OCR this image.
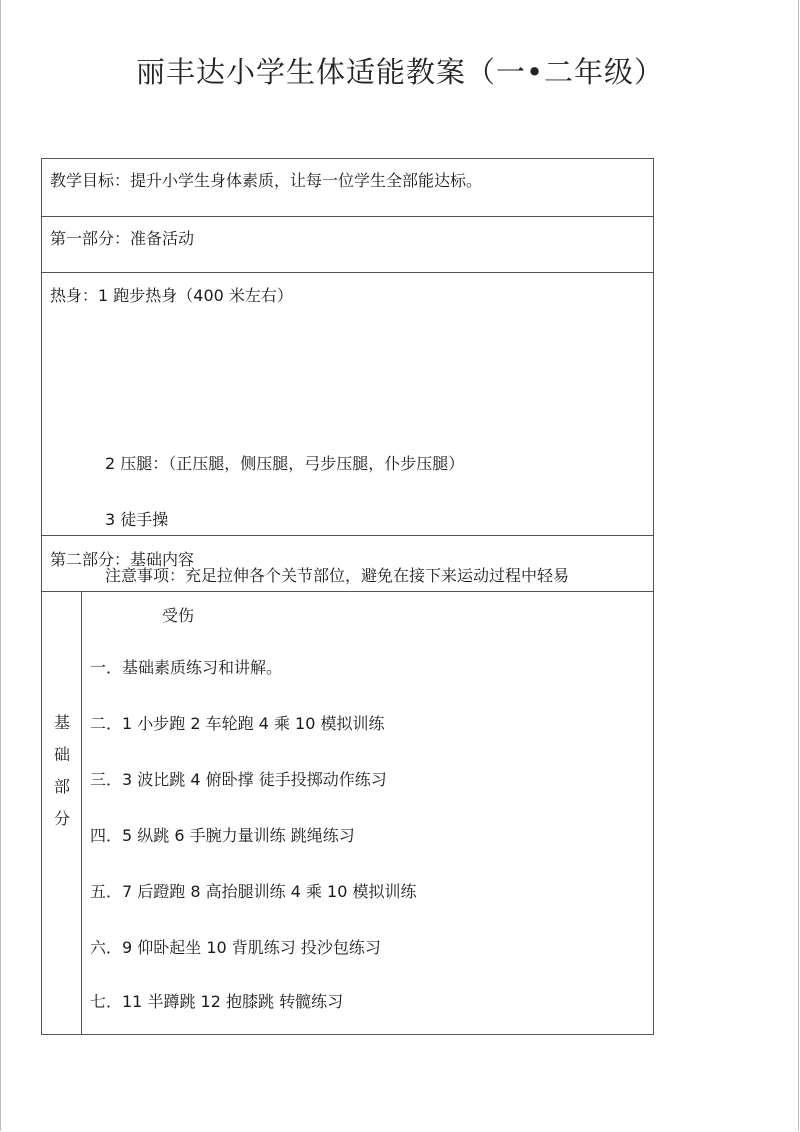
丽丰达小学生体适能教案（一•二年级）
教学目标：提升小学生身体素质，让每一位学生全部能达标。
第一部分：准备活动
热身：1 跑步热身（400 米左右）
2 压腿：（正压腿，侧压腿，弓步压腿，仆步压腿）
3 徒手操
注意事项：充足拉伸各个关节部位，避免在接下来运动过程中轻易
受伤
第二部分：基础内容
基
础
部
分
一．基础素质练习和讲解。
二．1 小步跑 2 车轮跑 4 乘 10 模拟训练
三．3 波比跳 4 俯卧撑 徒手投掷动作练习
四．5 纵跳 6 手腕力量训练 跳绳练习
五．7 后蹬跑 8 高抬腿训练 4 乘 10 模拟训练
六．9 仰卧起坐 10 背肌练习 投沙包练习
七．11 半蹲跳 12 抱膝跳 转髋练习
